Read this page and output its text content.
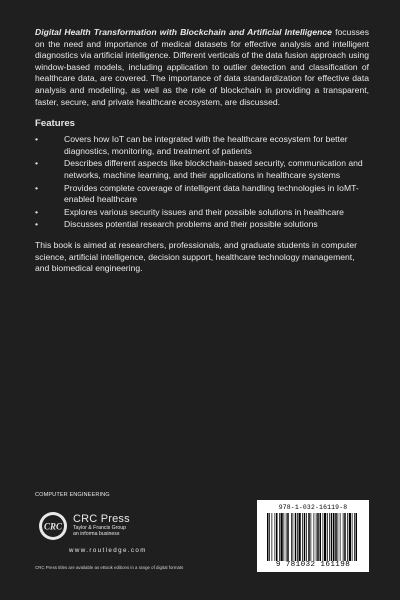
Digital Health Transformation with Blockchain and Artificial Intelligence focusses on the need and importance of medical datasets for effective analysis and intelligent diagnostics via artificial intelligence. Different verticals of the data fusion approach using window-based models, including application to outlier detection and classification of healthcare data, are covered. The importance of data standardization for effective data analysis and modelling, as well as the role of blockchain in providing a transparent, faster, secure, and private healthcare ecosystem, are discussed.

Features
•	Covers how IoT can be integrated with the healthcare ecosystem for better diagnostics, monitoring, and treatment of patients
•	Describes different aspects like blockchain-based security, communication and networks, machine learning, and their applications in healthcare systems
•	Provides complete coverage of intelligent data handling technologies in IoMT-enabled healthcare
•	Explores various security issues and their possible solutions in healthcare
•	Discusses potential research problems and their possible solutions

This book is aimed at researchers, professionals, and graduate students in computer science, artificial intelligence, decision support, healthcare technology management, and biomedical engineering.

COMPUTER ENGINEERING
CRC
CRC Press
Taylor & Francis Group
an informa business
www.routledge.com
CRC Press titles are available as eBook editions in a range of digital formats
978-1-032-16119-8
9 781032 161198
